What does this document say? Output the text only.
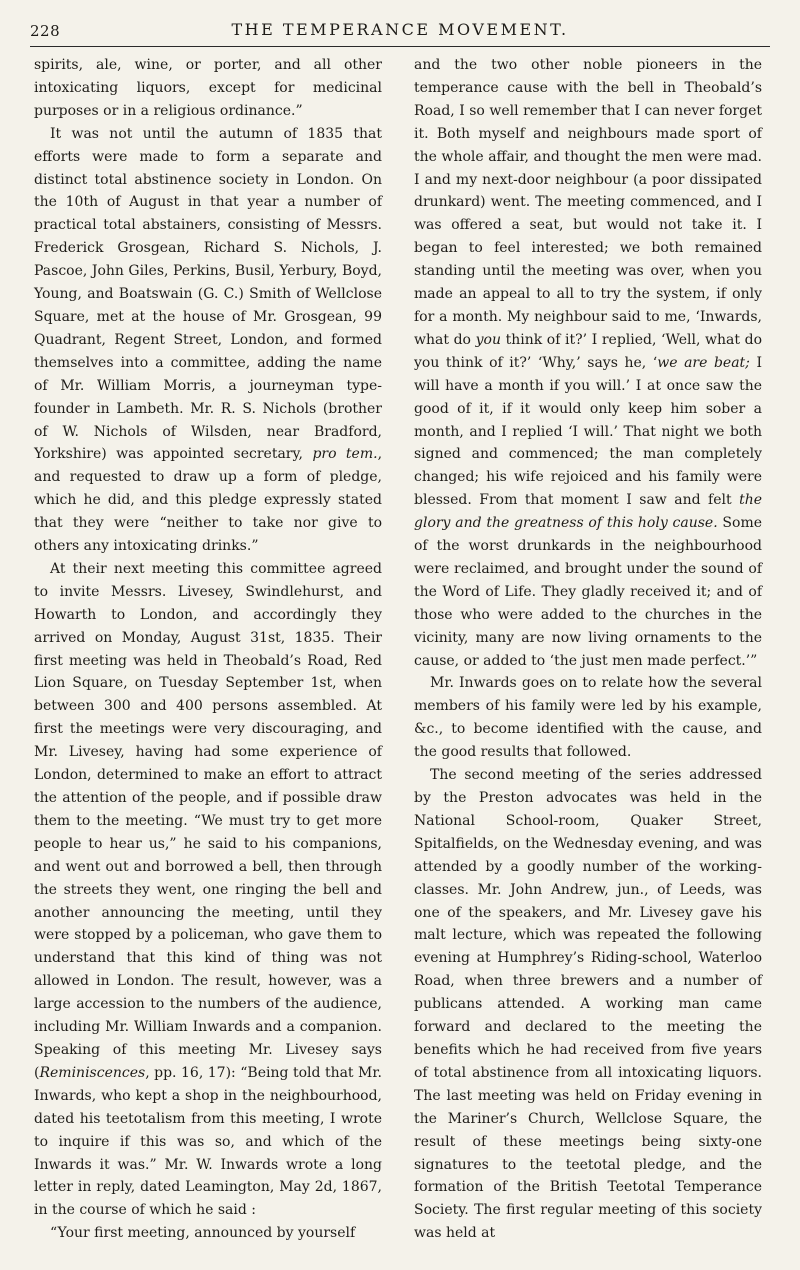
228	THE TEMPERANCE MOVEMENT.

spirits, ale, wine, or porter, and all other intoxicating liquors, except for medicinal purposes or in a religious ordinance.”

It was not until the autumn of 1835 that efforts were made to form a separate and distinct total abstinence society in London. On the 10th of August in that year a number of practical total abstainers, consisting of Messrs. Frederick Grosgean, Richard S. Nichols, J. Pascoe, John Giles, Perkins, Busil, Yerbury, Boyd, Young, and Boatswain (G. C.) Smith of Wellclose Square, met at the house of Mr. Grosgean, 99 Quadrant, Regent Street, London, and formed themselves into a committee, adding the name of Mr. William Morris, a journeyman type-founder in Lambeth. Mr. R. S. Nichols (brother of W. Nichols of Wilsden, near Bradford, Yorkshire) was appointed secretary, pro tem., and requested to draw up a form of pledge, which he did, and this pledge expressly stated that they were “neither to take nor give to others any intoxicating drinks.”

At their next meeting this committee agreed to invite Messrs. Livesey, Swindlehurst, and Howarth to London, and accordingly they arrived on Monday, August 31st, 1835. Their first meeting was held in Theobald’s Road, Red Lion Square, on Tuesday September 1st, when between 300 and 400 persons assembled. At first the meetings were very discouraging, and Mr. Livesey, having had some experience of London, determined to make an effort to attract the attention of the people, and if possible draw them to the meeting. “We must try to get more people to hear us,” he said to his companions, and went out and borrowed a bell, then through the streets they went, one ringing the bell and another announcing the meeting, until they were stopped by a policeman, who gave them to understand that this kind of thing was not allowed in London. The result, however, was a large accession to the numbers of the audience, including Mr. William Inwards and a companion. Speaking of this meeting Mr. Livesey says (Reminiscences, pp. 16, 17): “Being told that Mr. Inwards, who kept a shop in the neighbourhood, dated his teetotalism from this meeting, I wrote to inquire if this was so, and which of the Inwards it was.” Mr. W. Inwards wrote a long letter in reply, dated Leamington, May 2d, 1867, in the course of which he said :

“Your first meeting, announced by yourself

and the two other noble pioneers in the temperance cause with the bell in Theobald’s Road, I so well remember that I can never forget it. Both myself and neighbours made sport of the whole affair, and thought the men were mad. I and my next-door neighbour (a poor dissipated drunkard) went. The meeting commenced, and I was offered a seat, but would not take it. I began to feel interested; we both remained standing until the meeting was over, when you made an appeal to all to try the system, if only for a month. My neighbour said to me, ‘Inwards, what do you think of it?’ I replied, ‘Well, what do you think of it?’ ‘Why,’ says he, ‘we are beat; I will have a month if you will.’ I at once saw the good of it, if it would only keep him sober a month, and I replied ‘I will.’ That night we both signed and commenced; the man completely changed; his wife rejoiced and his family were blessed. From that moment I saw and felt the glory and the greatness of this holy cause. Some of the worst drunkards in the neighbourhood were reclaimed, and brought under the sound of the Word of Life. They gladly received it; and of those who were added to the churches in the vicinity, many are now living ornaments to the cause, or added to ‘the just men made perfect.’”

Mr. Inwards goes on to relate how the several members of his family were led by his example, &c., to become identified with the cause, and the good results that followed.

The second meeting of the series addressed by the Preston advocates was held in the National School-room, Quaker Street, Spitalfields, on the Wednesday evening, and was attended by a goodly number of the working-classes. Mr. John Andrew, jun., of Leeds, was one of the speakers, and Mr. Livesey gave his malt lecture, which was repeated the following evening at Humphrey’s Riding-school, Waterloo Road, when three brewers and a number of publicans attended. A working man came forward and declared to the meeting the benefits which he had received from five years of total abstinence from all intoxicating liquors. The last meeting was held on Friday evening in the Mariner’s Church, Wellclose Square, the result of these meetings being sixty-one signatures to the teetotal pledge, and the formation of the British Teetotal Temperance Society. The first regular meeting of this society was held at
